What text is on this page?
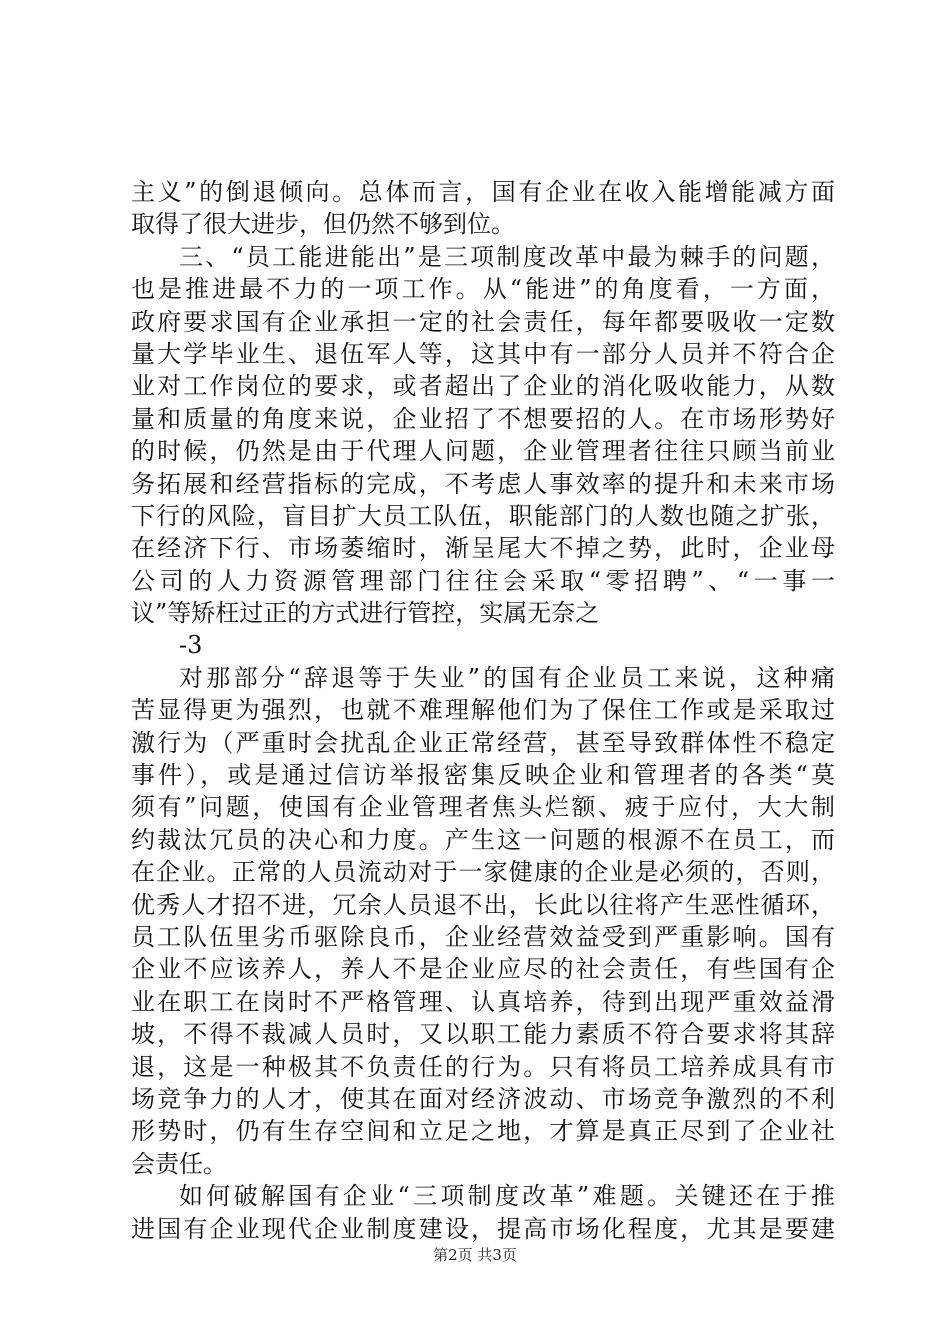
主义”的倒退倾向。总体而言，国有企业在收入能增能减方面
取得了很大进步，但仍然不够到位。
三、“员工能进能出”是三项制度改革中最为棘手的问题，
也是推进最不力的一项工作。从“能进”的角度看，一方面，
政府要求国有企业承担一定的社会责任，每年都要吸收一定数
量大学毕业生、退伍军人等，这其中有一部分人员并不符合企
业对工作岗位的要求，或者超出了企业的消化吸收能力，从数
量和质量的角度来说，企业招了不想要招的人。在市场形势好
的时候，仍然是由于代理人问题，企业管理者往往只顾当前业
务拓展和经营指标的完成，不考虑人事效率的提升和未来市场
下行的风险，盲目扩大员工队伍，职能部门的人数也随之扩张，
在经济下行、市场萎缩时，渐呈尾大不掉之势，此时，企业母
公司的人力资源管理部门往往会采取“零招聘”、“一事一
议”等矫枉过正的方式进行管控，实属无奈之
-3
对那部分“辞退等于失业”的国有企业员工来说，这种痛
苦显得更为强烈，也就不难理解他们为了保住工作或是采取过
激行为（严重时会扰乱企业正常经营，甚至导致群体性不稳定
事件），或是通过信访举报密集反映企业和管理者的各类“莫
须有”问题，使国有企业管理者焦头烂额、疲于应付，大大制
约裁汰冗员的决心和力度。产生这一问题的根源不在员工，而
在企业。正常的人员流动对于一家健康的企业是必须的，否则，
优秀人才招不进，冗余人员退不出，长此以往将产生恶性循环，
员工队伍里劣币驱除良币，企业经营效益受到严重影响。国有
企业不应该养人，养人不是企业应尽的社会责任，有些国有企
业在职工在岗时不严格管理、认真培养，待到出现严重效益滑
坡，不得不裁减人员时，又以职工能力素质不符合要求将其辞
退，这是一种极其不负责任的行为。只有将员工培养成具有市
场竞争力的人才，使其在面对经济波动、市场竞争激烈的不利
形势时，仍有生存空间和立足之地，才算是真正尽到了企业社
会责任。
如何破解国有企业“三项制度改革”难题。关键还在于推
进国有企业现代企业制度建设，提高市场化程度，尤其是要建
第2页 共3页
